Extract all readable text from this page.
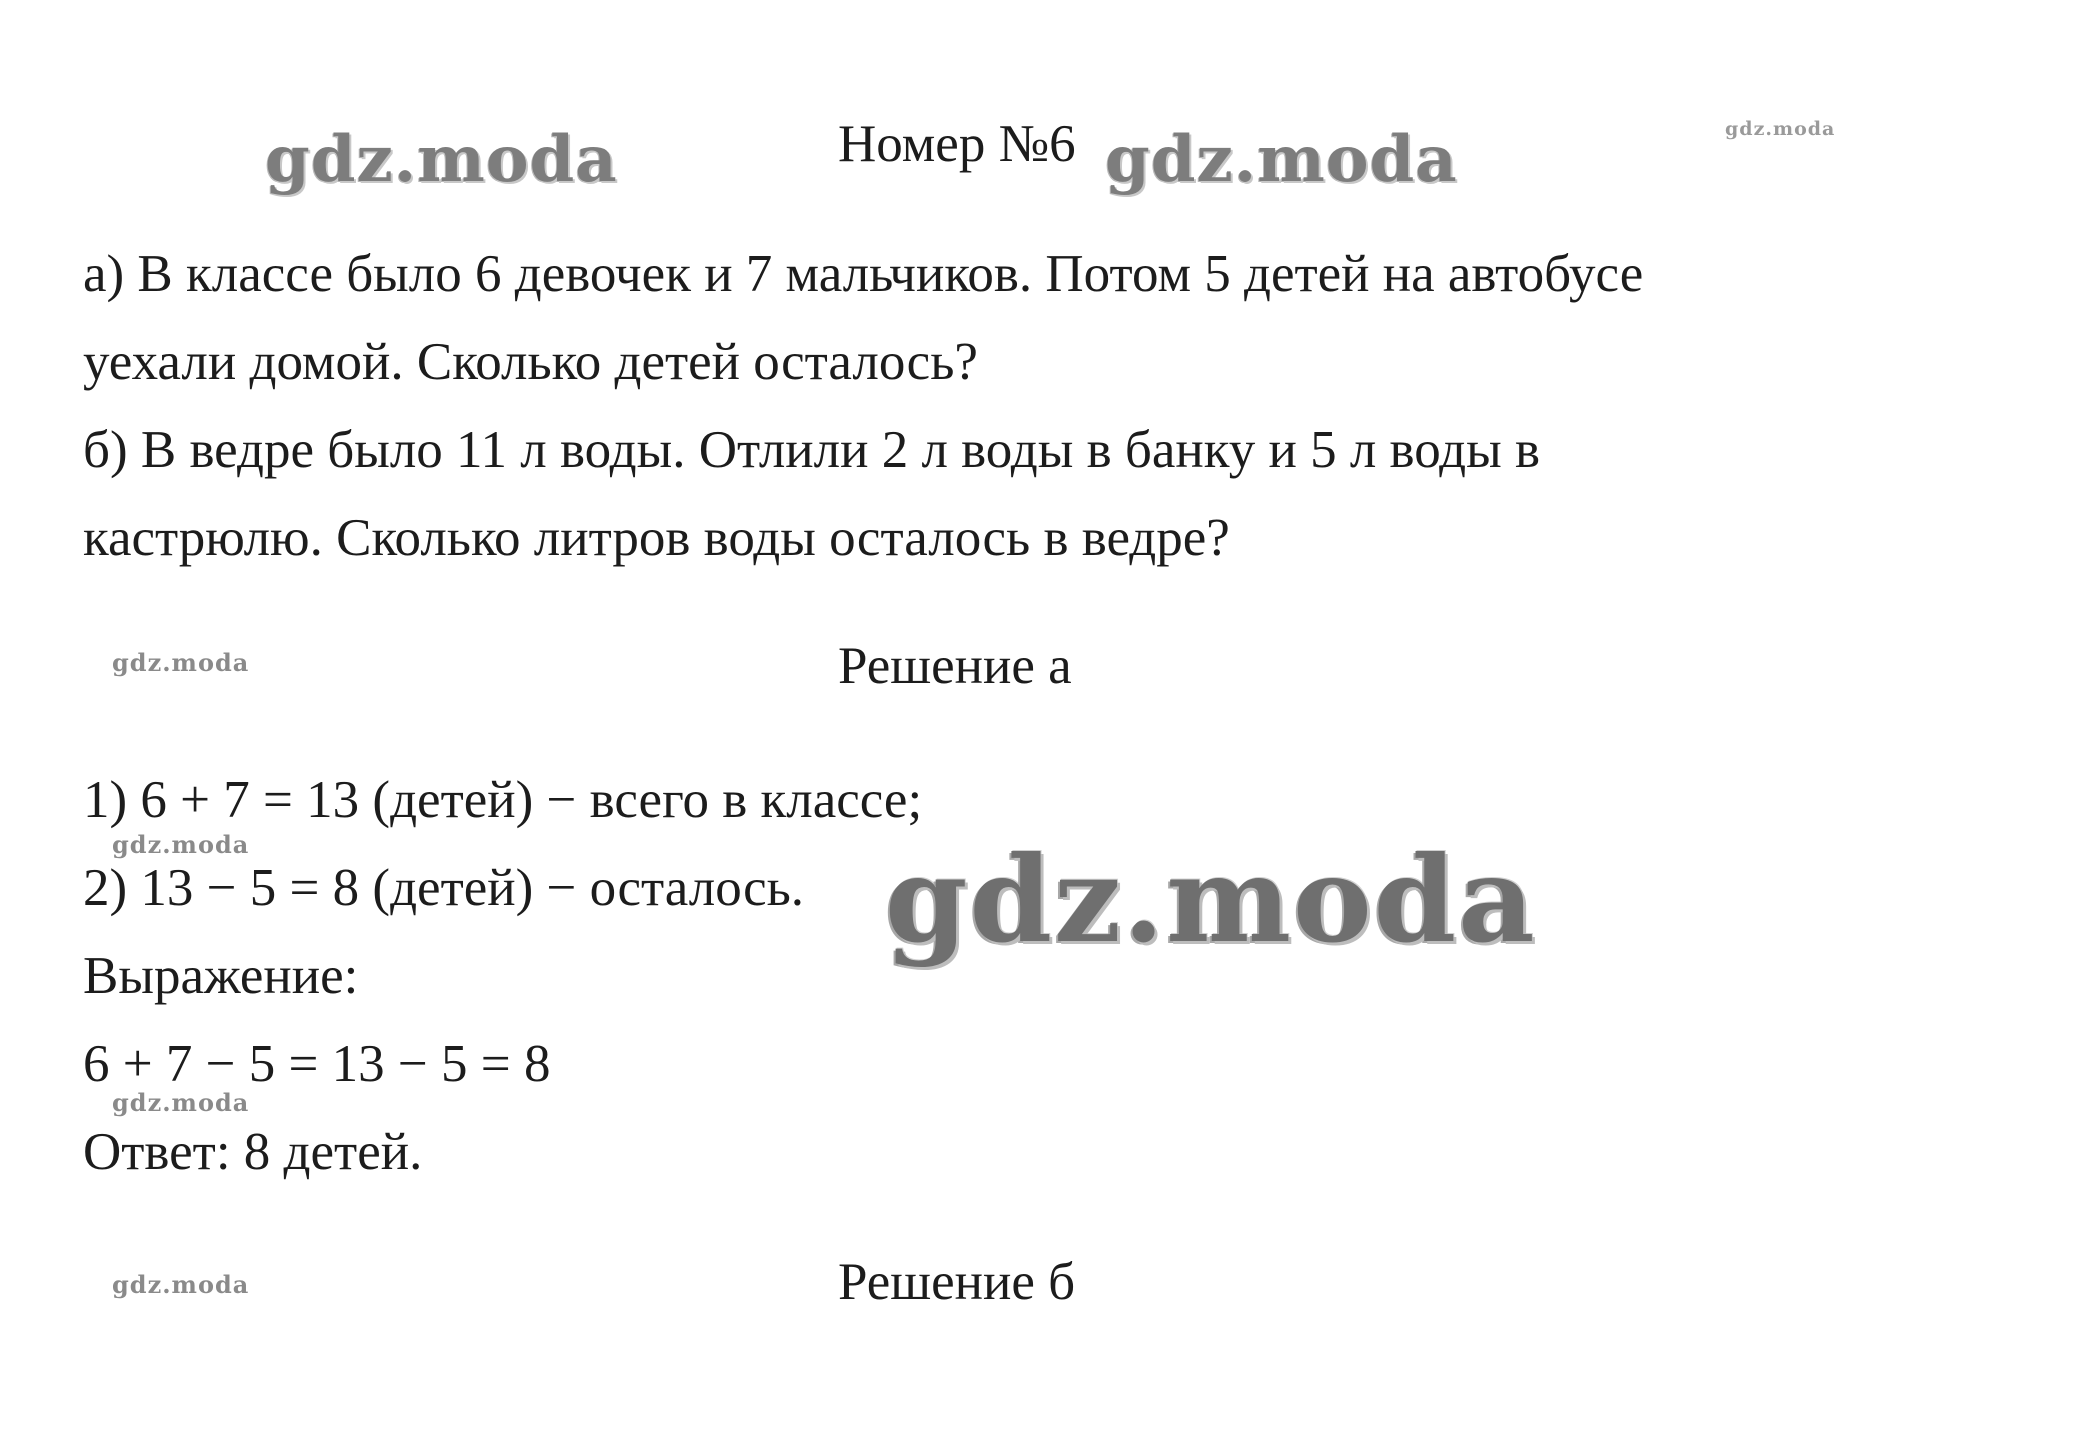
gdz.moda	gdz.moda	gdz.moda
gdz.moda
gdz.moda
gdz.moda
gdz.moda
Номер №6
а) В классе было 6 девочек и 7 мальчиков. Потом 5 детей на автобусе
уехали домой. Сколько детей осталось?
б) В ведре было 11 л воды. Отлили 2 л воды в банку и 5 л воды в
кастрюлю. Сколько литров воды осталось в ведре?
Решение а
1) 6 + 7 = 13 (детей) − всего в классе;
2) 13 − 5 = 8 (детей) − осталось.
Выражение:
6 + 7 − 5 = 13 − 5 = 8
Ответ: 8 детей.
gdz.moda
Решение б
